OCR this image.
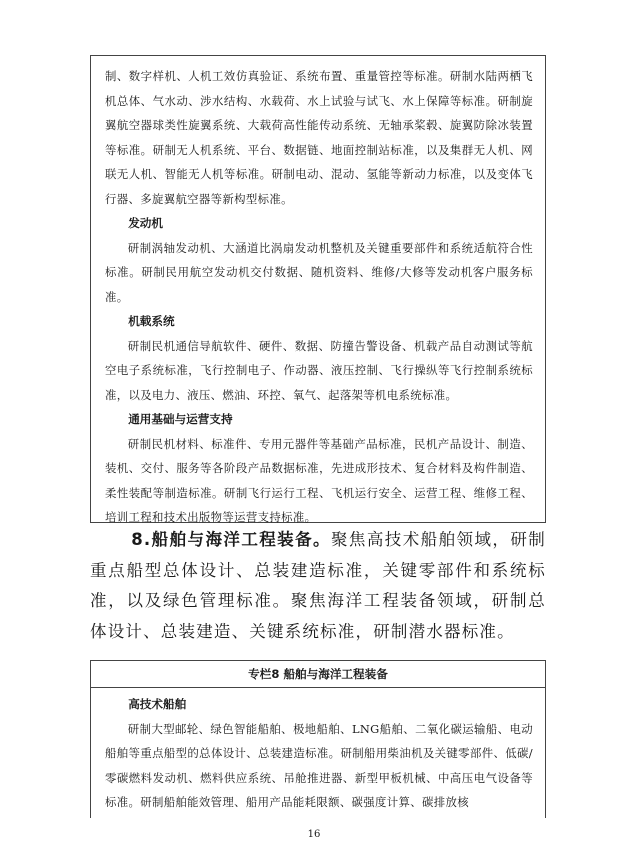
制、数字样机、人机工效仿真验证、系统布置、重量管控等标准。研制水陆两栖飞机总体、气水动、涉水结构、水载荷、水上试验与试飞、水上保障等标准。研制旋翼航空器球类性旋翼系统、大载荷高性能传动系统、无轴承桨毂、旋翼防除冰装置等标准。研制无人机系统、平台、数据链、地面控制站标准，以及集群无人机、网联无人机、智能无人机等标准。研制电动、混动、氢能等新动力标准，以及变体飞行器、多旋翼航空器等新构型标准。

发动机

研制涡轴发动机、大涵道比涡扇发动机整机及关键重要部件和系统适航符合性标准。研制民用航空发动机交付数据、随机资料、维修/大修等发动机客户服务标准。

机载系统

研制民机通信导航软件、硬件、数据、防撞告警设备、机载产品自动测试等航空电子系统标准，飞行控制电子、作动器、液压控制、飞行操纵等飞行控制系统标准，以及电力、液压、燃油、环控、氧气、起落架等机电系统标准。

通用基础与运营支持

研制民机材料、标准件、专用元器件等基础产品标准，民机产品设计、制造、装机、交付、服务等各阶段产品数据标准，先进成形技术、复合材料及构件制造、柔性装配等制造标准。研制飞行运行工程、飞机运行安全、运营工程、维修工程、培训工程和技术出版物等运营支持标准。

8.船舶与海洋工程装备。聚焦高技术船舶领域，研制重点船型总体设计、总装建造标准，关键零部件和系统标准，以及绿色管理标准。聚焦海洋工程装备领域，研制总体设计、总装建造、关键系统标准，研制潜水器标准。

专栏8 船舶与海洋工程装备

高技术船舶

研制大型邮轮、绿色智能船舶、极地船舶、LNG船舶、二氧化碳运输船、电动船舶等重点船型的总体设计、总装建造标准。研制船用柴油机及关键零部件、低碳/零碳燃料发动机、燃料供应系统、吊舱推进器、新型甲板机械、中高压电气设备等标准。研制船舶能效管理、船用产品能耗限额、碳强度计算、碳排放核

16
